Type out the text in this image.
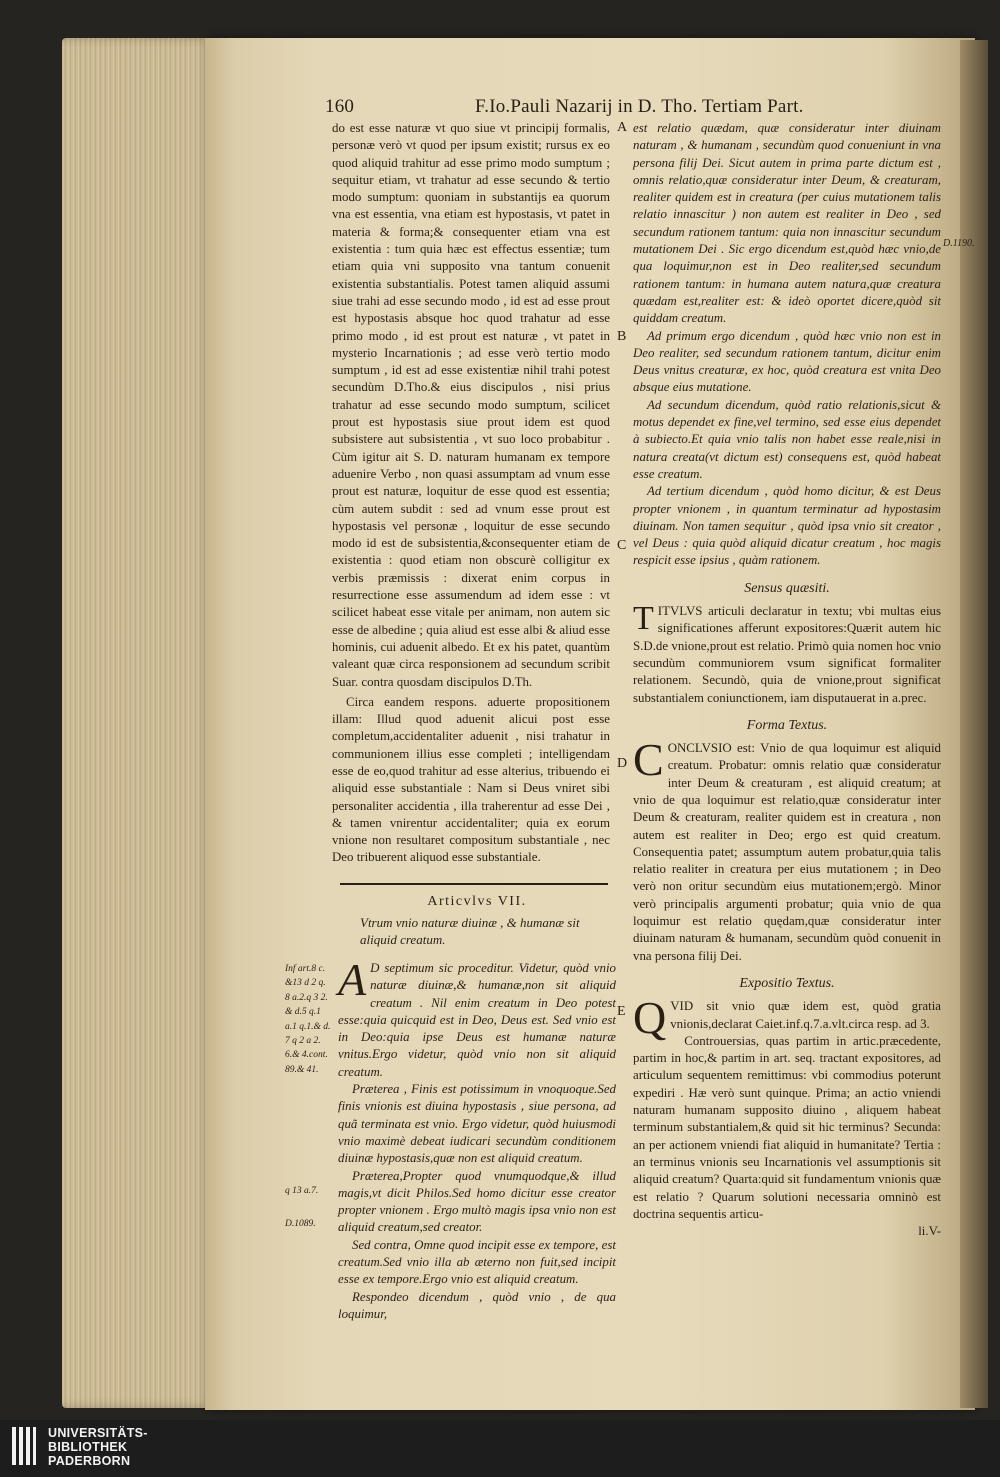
160	F.Io.Pauli Nazarij in D. Tho. Tertiam Part.

do est esse naturæ vt quo siue vt principij formalis, personæ verò vt quod per ipsum existit; rursus ex eo quod aliquid trahitur ad esse primo modo sumptum ; sequitur etiam, vt trahatur ad esse secundo & tertio modo sumptum: quoniam in substantijs ea quorum vna est essentia, vna etiam est hypostasis, vt patet in materia & forma;& consequenter etiam vna est existentia : tum quia hæc est effectus essentiæ; tum etiam quia vni supposito vna tantum conuenit existentia substantialis. Potest tamen aliquid assumi siue trahi ad esse secundo modo , id est ad esse prout est hypostasis absque hoc quod trahatur ad esse primo modo , id est prout est naturæ , vt patet in mysterio Incarnationis ; ad esse verò tertio modo sumptum , id est ad esse existentiæ nihil trahi potest secundùm D.Tho.& eius discipulos , nisi prius trahatur ad esse secundo modo sumptum, scilicet prout est hypostasis siue prout idem est quod subsistere aut subsistentia , vt suo loco probabitur . Cùm igitur ait S. D. naturam humanam ex tempore aduenire Verbo , non quasi assumptam ad vnum esse prout est naturæ, loquitur de esse quod est essentia; cùm autem subdit : sed ad vnum esse prout est hypostasis vel personæ , loquitur de esse secundo modo id est de subsistentia,&consequenter etiam de existentia : quod etiam non obscurè colligitur ex verbis præmissis : dixerat enim corpus in resurrectione esse assumendum ad idem esse : vt scilicet habeat esse vitale per animam, non autem sic esse de albedine ; quia aliud est esse albi & aliud esse hominis, cui aduenit albedo. Et ex his patet, quantùm valeant quæ circa responsionem ad secundum scribit Suar. contra quosdam discipulos D.Th.

Circa eandem respons. aduerte propositionem illam: Illud quod aduenit alicui post esse completum,accidentaliter aduenit , nisi trahatur in communionem illius esse completi ; intelligendam esse de eo,quod trahitur ad esse alterius, tribuendo ei aliquid esse substantiale : Nam si Deus vniret sibi personaliter accidentia , illa traherentur ad esse Dei , & tamen vnirentur accidentaliter; quia ex eorum vnione non resultaret compositum substantiale , nec Deo tribuerent aliquod esse substantiale.

A
B
C
D
E

Articvlvs VII.

Vtrum vnio naturæ diuinæ , & humanæ sit aliquid creatum.

Inf art.8 c.
&13 d 2 q.
8 a.2.q 3 2.
& d.5 q.1
a.1 q.1.& d.
7 q 2 a 2.
6.& 4.cont.
89.& 41.
q 13 a.7.
D.1089.

A D septimum sic proceditur. Videtur, quòd vnio naturæ diuinæ,& humanæ,non sit aliquid creatum . Nil enim creatum in Deo potest esse:quia quicquid est in Deo, Deus est. Sed vnio est in Deo:quia ipse Deus est humanæ naturæ vnitus.Ergo videtur, quòd vnio non sit aliquid creatum.

Præterea , Finis est potissimum in vnoquoque.Sed finis vnionis est diuina hypostasis , siue persona, ad quã terminata est vnio. Ergo videtur, quòd huiusmodi vnio maximè debeat iudicari secundùm conditionem diuinæ hypostasis,quæ non est aliquid creatum.

Præterea,Propter quod vnumquodque,& illud magis,vt dicit Philos.Sed homo dicitur esse creator propter vnionem . Ergo multò magis ipsa vnio non est aliquid creatum,sed creator.

Sed contra, Omne quod incipit esse ex tempore, est creatum.Sed vnio illa ab æterno non fuit,sed incipit esse ex tempore.Ergo vnio est aliquid creatum.

Respondeo dicendum , quòd vnio , de qua loquimur,

est relatio quædam, quæ consideratur inter diuinam naturam , & humanam , secundùm quod conueniunt in vna persona filij Dei. Sicut autem in prima parte dictum est , omnis relatio,quæ consideratur inter Deum, & creaturam, realiter quidem est in creatura (per cuius mutationem talis relatio innascitur ) non autem est realiter in Deo , sed secundum rationem tantum: quia non innascitur secundum mutationem Dei . Sic ergo dicendum est,quòd hæc vnio,de qua loquimur,non est in Deo realiter,sed secundum rationem tantum: in humana autem natura,quæ creatura quædam est,realiter est: & ideò oportet dicere,quòd sit quiddam creatum.

Ad primum ergo dicendum , quòd hæc vnio non est in Deo realiter, sed secundum rationem tantum, dicitur enim Deus vnitus creaturæ, ex hoc, quòd creatura est vnita Deo absque eius mutatione.

Ad secundum dicendum, quòd ratio relationis,sicut & motus dependet ex fine,vel termino, sed esse eius dependet à subiecto.Et quia vnio talis non habet esse reale,nisi in natura creata(vt dictum est) consequens est, quòd habeat esse creatum.

Ad tertium dicendum , quòd homo dicitur, & est Deus propter vnionem , in quantum terminatur ad hypostasim diuinam. Non tamen sequitur , quòd ipsa vnio sit creator , vel Deus : quia quòd aliquid dicatur creatum , hoc magis respicit esse ipsius , quàm rationem.

Sensus quæsiti.

TITVLVS articuli declaratur in textu; vbi multas eius significationes afferunt expositores:Quærit autem hic S.D.de vnione,prout est relatio. Primò quia nomen hoc vnio secundùm communiorem vsum significat formaliter relationem. Secundò, quia de vnione,prout significat substantialem coniunctionem, iam disputauerat in a.prec.

Forma Textus.

CONCLVSIO est: Vnio de qua loquimur est aliquid creatum. Probatur: omnis relatio quæ consideratur inter Deum & creaturam , est aliquid creatum; at vnio de qua loquimur est relatio,quæ consideratur inter Deum & creaturam, realiter quidem est in creatura , non autem est realiter in Deo; ergo est quid creatum. Consequentia patet; assumptum autem probatur,quia talis relatio realiter in creatura per eius mutationem ; in Deo verò non oritur secundùm eius mutationem;ergò. Minor verò principalis argumenti probatur; quia vnio de qua loquimur est relatio quędam,quæ consideratur inter diuinam naturam & humanam, secundùm quòd conuenit in vna persona filij Dei.

Expositio Textus.

QVID sit vnio quæ idem est, quòd gratia vnionis,declarat Caiet.inf.q.7.a.vlt.circa resp. ad 3.

Controuersias, quas partim in artic.præcedente, partim in hoc,& partim in art. seq. tractant expositores, ad articulum sequentem remittimus: vbi commodius poterunt expediri . Hæ verò sunt quinque. Prima; an actio vniendi naturam humanam supposito diuino , aliquem habeat terminum substantialem,& quid sit hic terminus? Secunda: an per actionem vniendi fiat aliquid in humanitate? Tertia : an terminus vnionis seu Incarnationis vel assumptionis sit aliquid creatum? Quarta:quid sit fundamentum vnionis quæ est relatio ? Quarum solutioni necessaria omninò est doctrina sequentis articu-

li.V-

D.1190.
UNIVERSITÄTS-
BIBLIOTHEK
PADERBORN
